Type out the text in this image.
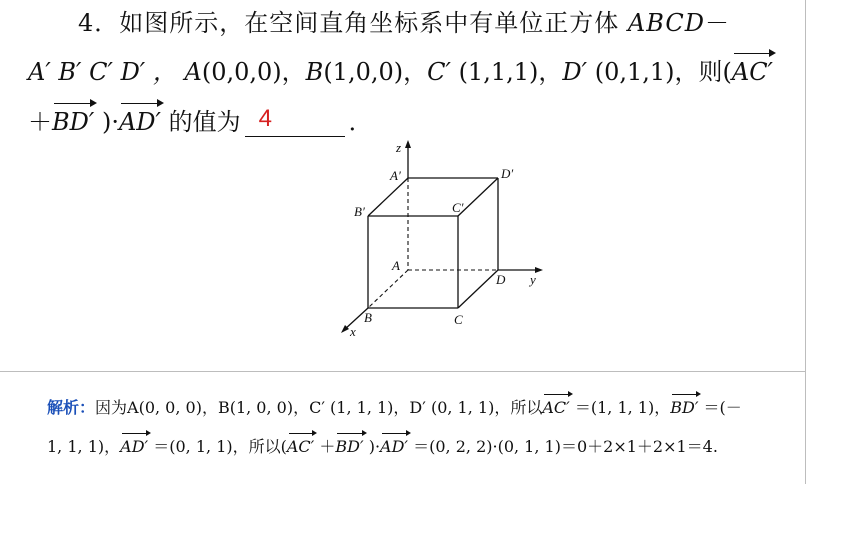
4．如图所示，在空间直角坐标系中有单位正方体 ABCD－
A′ B′ C′ D′ ， A(0,0,0)，B(1,0,0)，C′ (1,1,1)，D′ (0,1,1)，则(AC′
＋BD′ )·AD′ 的值为 4	．
z
y
x
A′	D′
B′	C′
A
D
B	C
解析：因为A(0, 0, 0)，B(1, 0, 0)，C′ (1, 1, 1)，D′ (0, 1, 1)，所以AC′ ＝(1, 1, 1)，BD′ ＝(－
1, 1, 1)，AD′ ＝(0, 1, 1)，所以(AC′ ＋BD′ )·AD′ ＝(0, 2, 2)·(0, 1, 1)＝0＋2×1＋2×1＝4.
